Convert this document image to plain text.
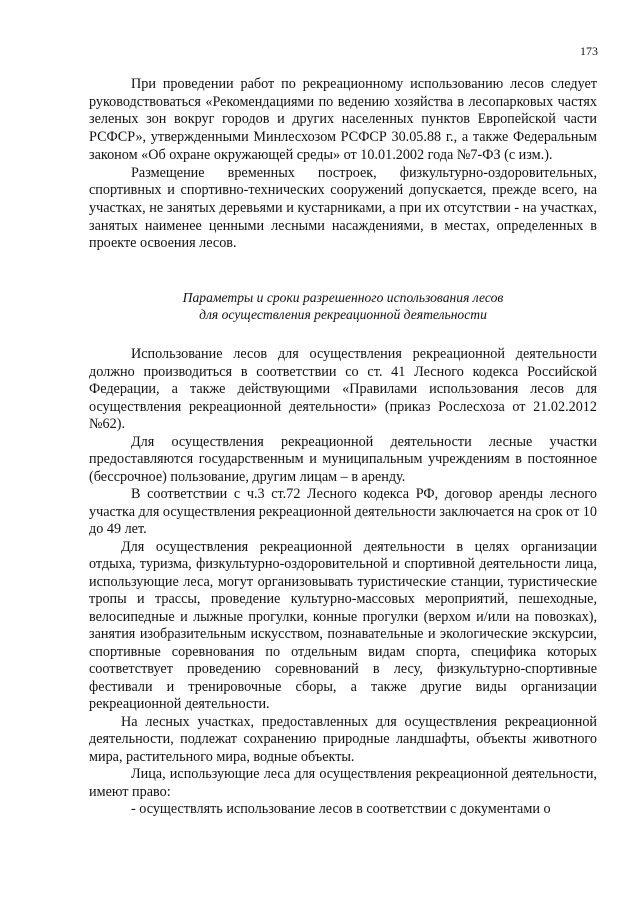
173

При проведении работ по рекреационному использованию лесов следует руководствоваться «Рекомендациями по ведению хозяйства в лесопарковых частях зеленых зон вокруг городов и других населенных пунктов Европейской части РСФСР», утвержденными Минлесхозом РСФСР 30.05.88 г., а также Федеральным законом «Об охране окружающей среды» от 10.01.2002 года №7-ФЗ (с изм.).

Размещение временных построек, физкультурно-оздоровительных, спортивных и спортивно-технических сооружений допускается, прежде всего, на участках, не занятых деревьями и кустарниками, а при их отсутствии - на участках, занятых наименее ценными лесными насаждениями, в местах, определенных в проекте освоения лесов.

Параметры и сроки разрешенного использования лесов
для осуществления рекреационной деятельности

Использование лесов для осуществления рекреационной деятельности должно производиться в соответствии со ст. 41 Лесного кодекса Российской Федерации, а также действующими «Правилами использования лесов для осуществления рекреационной деятельности» (приказ Рослесхоза от 21.02.2012 №62).

Для осуществления рекреационной деятельности лесные участки предоставляются государственным и муниципальным учреждениям в постоянное (бессрочное) пользование, другим лицам – в аренду.

В соответствии с ч.3 ст.72 Лесного кодекса РФ, договор аренды лесного участка для осуществления рекреационной деятельности заключается на срок от 10 до 49 лет.

Для осуществления рекреационной деятельности в целях организации отдыха, туризма, физкультурно-оздоровительной и спортивной деятельности лица, использующие леса, могут организовывать туристические станции, туристические тропы и трассы, проведение культурно-массовых мероприятий, пешеходные, велосипедные и лыжные прогулки, конные прогулки (верхом и/или на повозках), занятия изобразительным искусством, познавательные и экологические экскурсии, спортивные соревнования по отдельным видам спорта, специфика которых соответствует проведению соревнований в лесу, физкультурно-спортивные фестивали и тренировочные сборы, а также другие виды организации рекреационной деятельности.

На лесных участках, предоставленных для осуществления рекреационной деятельности, подлежат сохранению природные ландшафты, объекты животного мира, растительного мира, водные объекты.

Лица, использующие леса для осуществления рекреационной деятельности, имеют право:

- осуществлять использование лесов в соответствии с документами о
